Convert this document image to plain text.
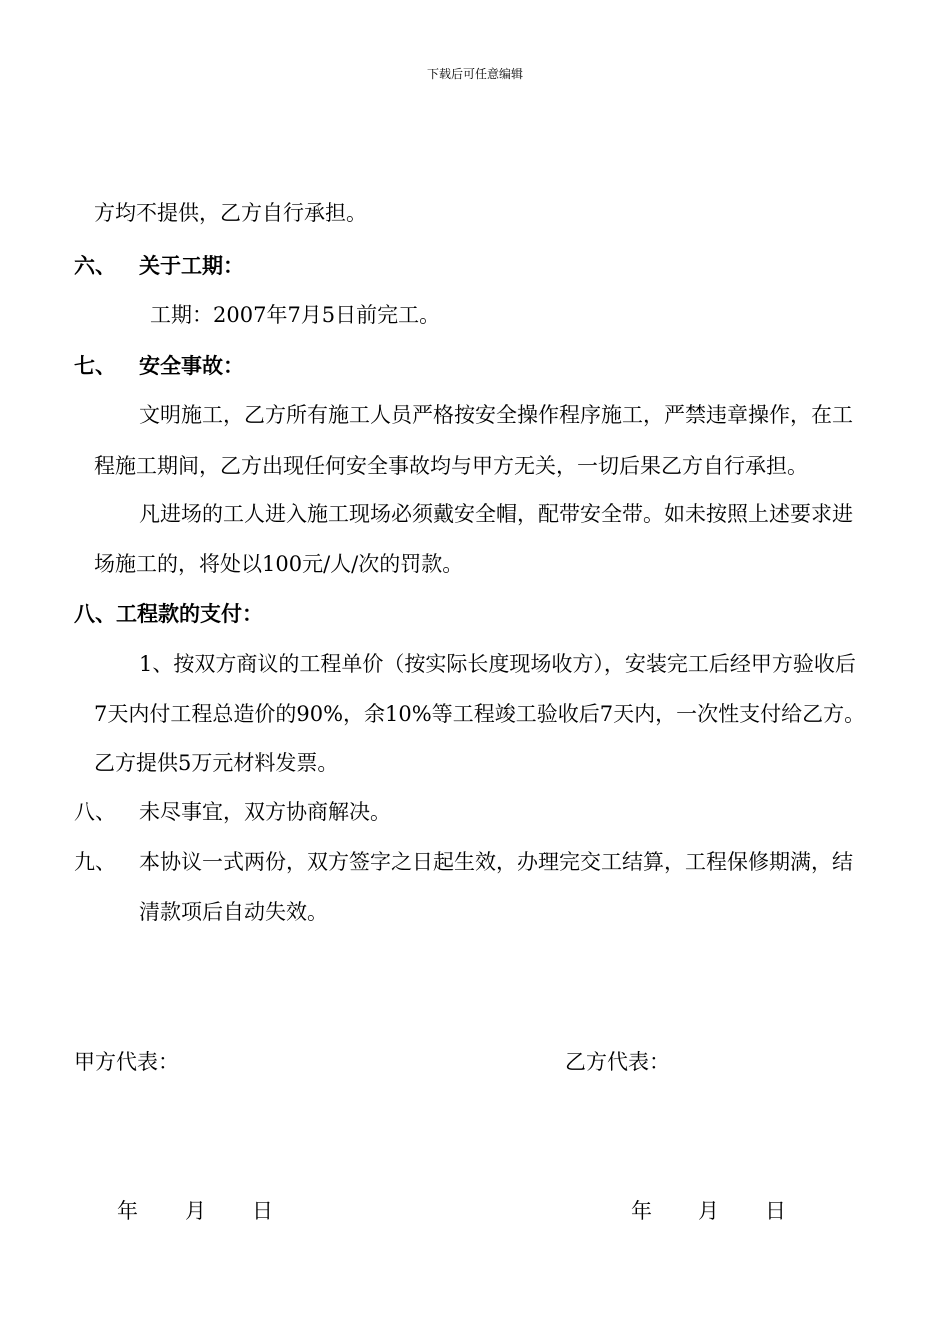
下载后可任意编辑
方均不提供，乙方自行承担。
六、 关于工期：
工期：2007年7月5日前完工。
七、 安全事故：
文明施工，乙方所有施工人员严格按安全操作程序施工，严禁违章操作，在工
程施工期间，乙方出现任何安全事故均与甲方无关，一切后果乙方自行承担。
凡进场的工人进入施工现场必须戴安全帽，配带安全带。如未按照上述要求进
场施工的，将处以100元/人/次的罚款。
八、工程款的支付：
1、按双方商议的工程单价（按实际长度现场收方），安装完工后经甲方验收后
7天内付工程总造价的90%，余10%等工程竣工验收后7天内，一次性支付给乙方。
乙方提供5万元材料发票。
八、 未尽事宜，双方协商解决。
九、 本协议一式两份，双方签字之日起生效，办理完交工结算，工程保修期满，结
清款项后自动失效。
甲方代表：	乙方代表：
年 月 日	年 月 日
